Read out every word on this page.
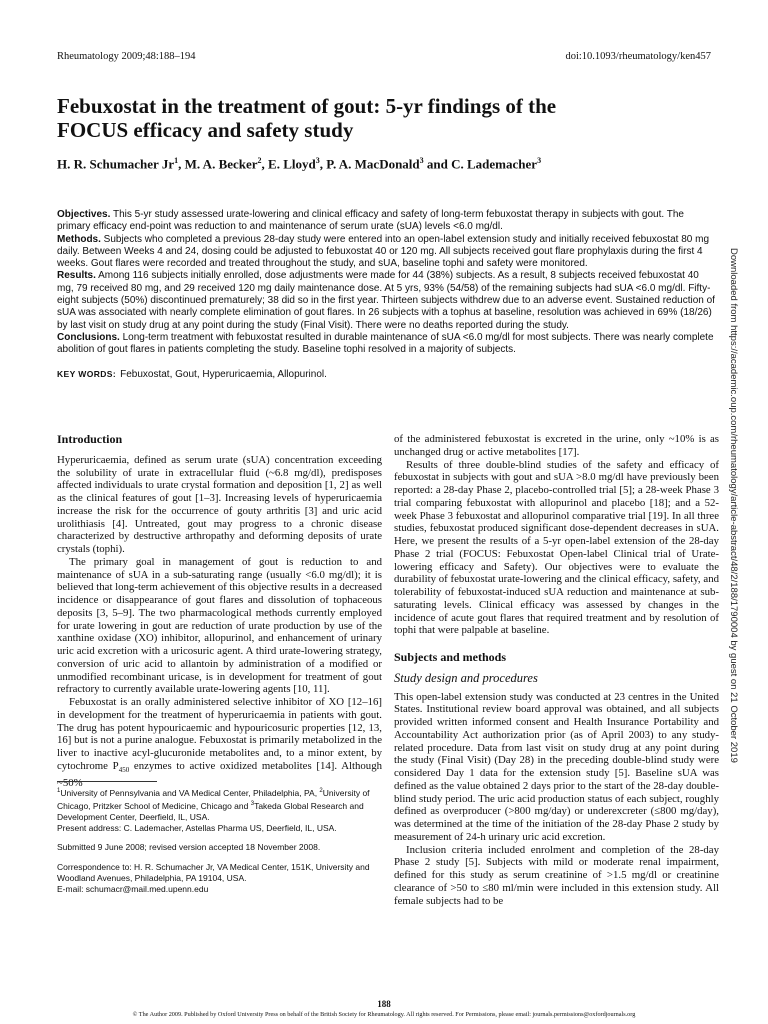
Rheumatology 2009;48:188–194	doi:10.1093/rheumatology/ken457
Febuxostat in the treatment of gout: 5-yr findings of the
FOCUS efficacy and safety study
H. R. Schumacher Jr$^1$, M. A. Becker$^2$, E. Lloyd$^3$, P. A. MacDonald$^3$ and C. Lademacher$^3$

Objectives. This 5-yr study assessed urate-lowering and clinical efficacy and safety of long-term febuxostat therapy in subjects with gout. The primary efficacy end-point was reduction to and maintenance of serum urate (sUA) levels <6.0 mg/dl.

Methods. Subjects who completed a previous 28-day study were entered into an open-label extension study and initially received febuxostat 80 mg daily. Between Weeks 4 and 24, dosing could be adjusted to febuxostat 40 or 120 mg. All subjects received gout flare prophylaxis during the first 4 weeks. Gout flares were recorded and treated throughout the study, and sUA, baseline tophi and safety were monitored.

Results. Among 116 subjects initially enrolled, dose adjustments were made for 44 (38%) subjects. As a result, 8 subjects received febuxostat 40 mg, 79 received 80 mg, and 29 received 120 mg daily maintenance dose. At 5 yrs, 93% (54/58) of the remaining subjects had sUA <6.0 mg/dl. Fifty-eight subjects (50%) discontinued prematurely; 38 did so in the first year. Thirteen subjects withdrew due to an adverse event. Sustained reduction of sUA was associated with nearly complete elimination of gout flares. In 26 subjects with a tophus at baseline, resolution was achieved in 69% (18/26) by last visit on study drug at any point during the study (Final Visit). There were no deaths reported during the study.

Conclusions. Long-term treatment with febuxostat resulted in durable maintenance of sUA <6.0 mg/dl for most subjects. There was nearly complete abolition of gout flares in patients completing the study. Baseline tophi resolved in a majority of subjects.

KEY WORDS: Febuxostat, Gout, Hyperuricaemia, Allopurinol.
Introduction

Hyperuricaemia, defined as serum urate (sUA) concentration exceeding the solubility of urate in extracellular fluid (~6.8 mg/dl), predisposes affected individuals to urate crystal formation and deposition [1, 2] as well as the clinical features of gout [1–3]. Increasing levels of hyperuricaemia increase the risk for the occurrence of gouty arthritis [3] and uric acid urolithiasis [4]. Untreated, gout may progress to a chronic disease characterized by destructive arthropathy and deforming deposits of urate crystals (tophi).

The primary goal in management of gout is reduction to and maintenance of sUA in a sub-saturating range (usually <6.0 mg/dl); it is believed that long-term achievement of this objective results in a decreased incidence or disappearance of gout flares and dissolution of tophaceous deposits [3, 5–9]. The two pharmacological methods currently employed for urate lowering in gout are reduction of urate production by use of the xanthine oxidase (XO) inhibitor, allopurinol, and enhancement of urinary uric acid excretion with a uricosuric agent. A third urate-lowering strategy, conversion of uric acid to allantoin by administration of a modified or unmodified recombinant uricase, is in development for treatment of gout refractory to currently available urate-lowering agents [10, 11].

Febuxostat is an orally administered selective inhibitor of XO [12–16] in development for the treatment of hyperuricaemia in patients with gout. The drug has potent hypouricaemic and hypouricosuric properties [12, 13, 16] but is not a purine analogue. Febuxostat is primarily metabolized in the liver to inactive acyl-glucuronide metabolites and, to a minor extent, by cytochrome $P_{450}$ enzymes to active oxidized metabolites [14]. Although ~50%

$^1$University of Pennsylvania and VA Medical Center, Philadelphia, PA, $^2$University of Chicago, Pritzker School of Medicine, Chicago and $^3$Takeda Global Research and Development Center, Deerfield, IL, USA.

Present address: C. Lademacher, Astellas Pharma US, Deerfield, IL, USA.

Submitted 9 June 2008; revised version accepted 18 November 2008.

Correspondence to: H. R. Schumacher Jr, VA Medical Center, 151K, University and Woodland Avenues, Philadelphia, PA 19104, USA.

E-mail: schumacr@mail.med.upenn.edu

of the administered febuxostat is excreted in the urine, only ~10% is as unchanged drug or active metabolites [17].

Results of three double-blind studies of the safety and efficacy of febuxostat in subjects with gout and sUA >8.0 mg/dl have previously been reported: a 28-day Phase 2, placebo-controlled trial [5]; a 28-week Phase 3 trial comparing febuxostat with allopurinol and placebo [18]; and a 52-week Phase 3 febuxostat and allopurinol comparative trial [19]. In all three studies, febuxostat produced significant dose-dependent decreases in sUA. Here, we present the results of a 5-yr open-label extension of the 28-day Phase 2 trial (FOCUS: Febuxostat Open-label Clinical trial of Urate-lowering efficacy and Safety). Our objectives were to evaluate the durability of febuxostat urate-lowering and the clinical efficacy, safety, and tolerability of febuxostat-induced sUA reduction and maintenance at sub-saturating levels. Clinical efficacy was assessed by changes in the incidence of acute gout flares that required treatment and by resolution of tophi that were palpable at baseline.

Subjects and methods
Study design and procedures

This open-label extension study was conducted at 23 centres in the United States. Institutional review board approval was obtained, and all subjects provided written informed consent and Health Insurance Portability and Accountability Act authorization prior (as of April 2003) to any study-related procedure. Data from last visit on study drug at any point during the study (Final Visit) (Day 28) in the preceding double-blind study were considered Day 1 data for the extension study [5]. Baseline sUA was defined as the value obtained 2 days prior to the start of the 28-day double-blind study period. The uric acid production status of each subject, roughly defined as overproducer (>800 mg/day) or underexcreter (≤800 mg/day), was determined at the time of the initiation of the 28-day Phase 2 study by measurement of 24-h urinary uric acid excretion.

Inclusion criteria included enrolment and completion of the 28-day Phase 2 study [5]. Subjects with mild or moderate renal impairment, defined for this study as serum creatinine of >1.5 mg/dl or creatinine clearance of >50 to ≤80 ml/min were included in this extension study. All female subjects had to be

Downloaded from https://academic.oup.com/rheumatology/article-abstract/48/2/188/1790004 by guest on 21 October 2019
188
© The Author 2009. Published by Oxford University Press on behalf of the British Society for Rheumatology. All rights reserved. For Permissions, please email: journals.permissions@oxfordjournals.org
